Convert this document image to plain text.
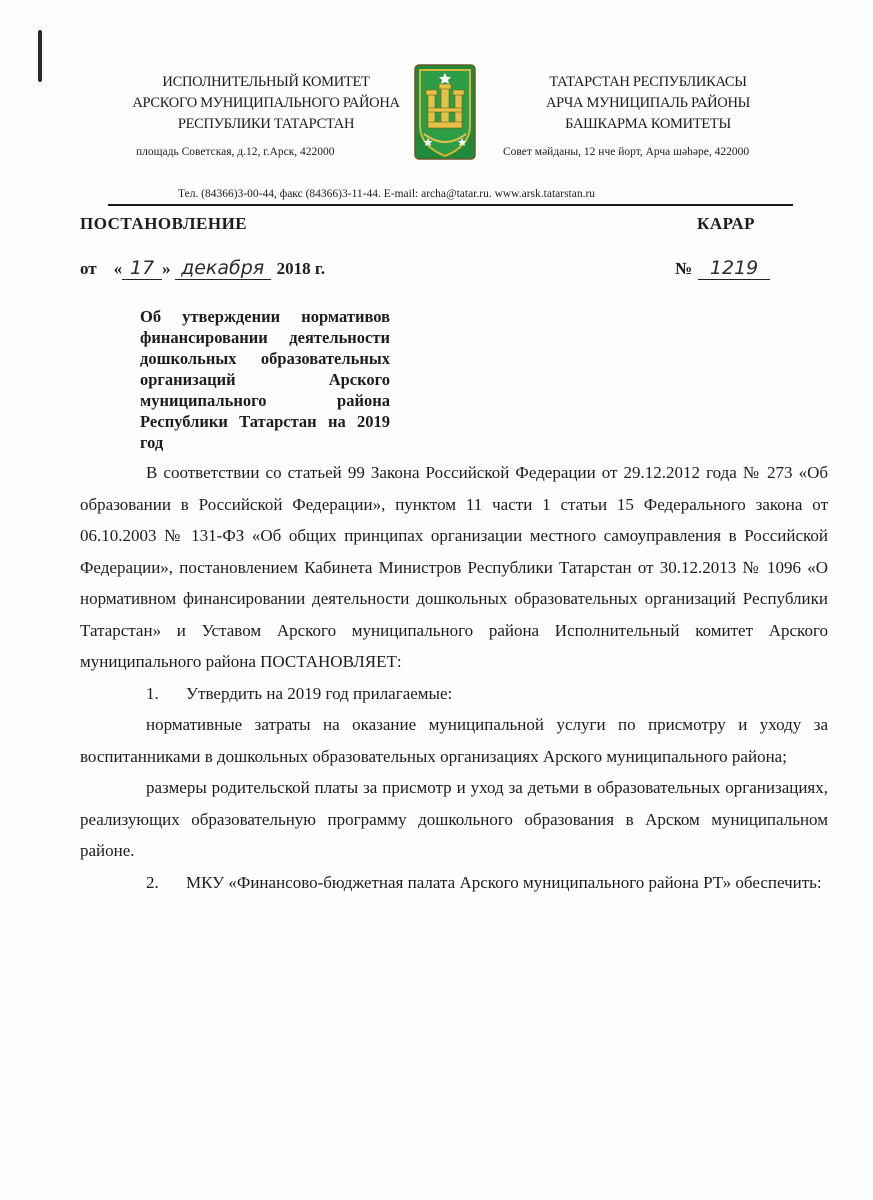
ИСПОЛНИТЕЛЬНЫЙ КОМИТЕТ
АРСКОГО МУНИЦИПАЛЬНОГО РАЙОНА
РЕСПУБЛИКИ ТАТАРСТАН
площадь Советская, д.12, г.Арск, 422000
ТАТАРСТАН РЕСПУБЛИКАСЫ
АРЧА МУНИЦИПАЛЬ РАЙОНЫ
БАШКАРМА КОМИТЕТЫ
Совет мәйданы, 12 нче йорт, Арча шәһәре, 422000
Тел. (84366)3-00-44, факс (84366)3-11-44. E-mail: archa@tatar.ru. www.arsk.tatarstan.ru
ПОСТАНОВЛЕНИЕ	КАРАР
от « 17 » декабря 2018 г.	№ 1219
Об утверждении нормативов финансировании деятельности дошкольных образовательных организаций Арского муниципального района Республики Татарстан на 2019 год

В соответствии со статьей 99 Закона Российской Федерации от 29.12.2012 года № 273 «Об образовании в Российской Федерации», пунктом 11 части 1 статьи 15 Федерального закона от 06.10.2003 № 131-ФЗ «Об общих принципах организации местного самоуправления в Российской Федерации», постановлением Кабинета Министров Республики Татарстан от 30.12.2013 № 1096 «О нормативном финансировании деятельности дошкольных образовательных организаций Республики Татарстан» и Уставом Арского муниципального района Исполнительный комитет Арского муниципального района ПОСТАНОВЛЯЕТ:

1. Утвердить на 2019 год прилагаемые:

нормативные затраты на оказание муниципальной услуги по присмотру и уходу за воспитанниками в дошкольных образовательных организациях Арского муниципального района;

размеры родительской платы за присмотр и уход за детьми в образовательных организациях, реализующих образовательную программу дошкольного образования в Арском муниципальном районе.

2. МКУ «Финансово-бюджетная палата Арского муниципального района РТ» обеспечить:
